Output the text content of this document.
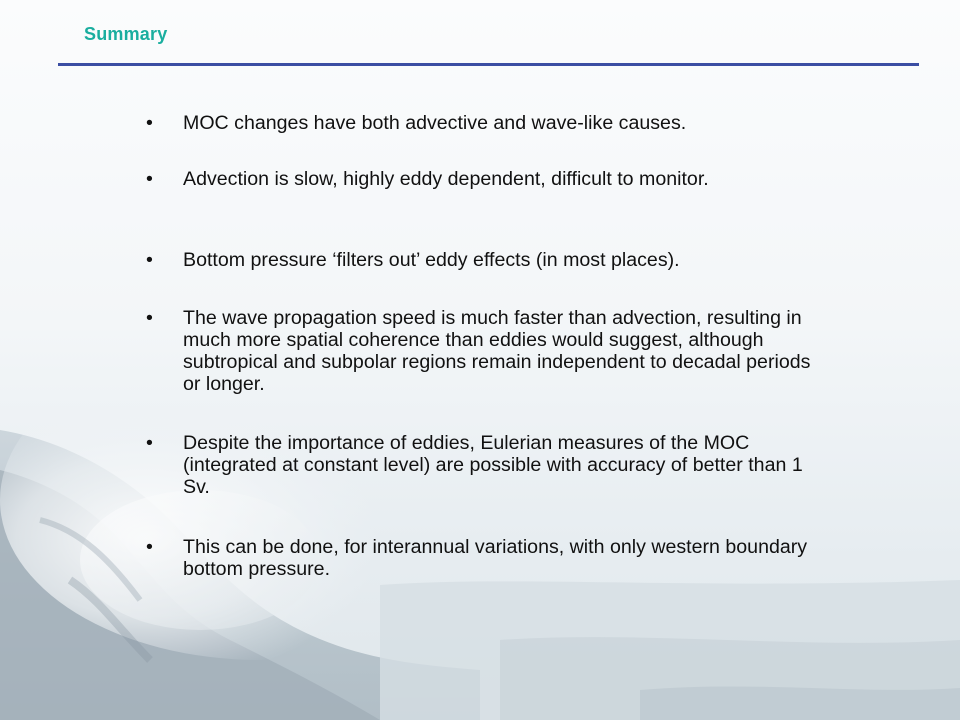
Summary
•	MOC changes have both advective and wave-like causes.
•	Advection is slow, highly eddy dependent, difficult to monitor.
•	Bottom pressure ‘filters out’ eddy effects (in most places).
•	The wave propagation speed is much faster than advection, resulting in much more spatial coherence than eddies would suggest, although subtropical and subpolar regions remain independent to decadal periods or longer.
•	Despite the importance of eddies, Eulerian measures of the MOC (integrated at constant level) are possible with accuracy of better than 1 Sv.
•	This can be done, for interannual variations, with only western boundary bottom pressure.
